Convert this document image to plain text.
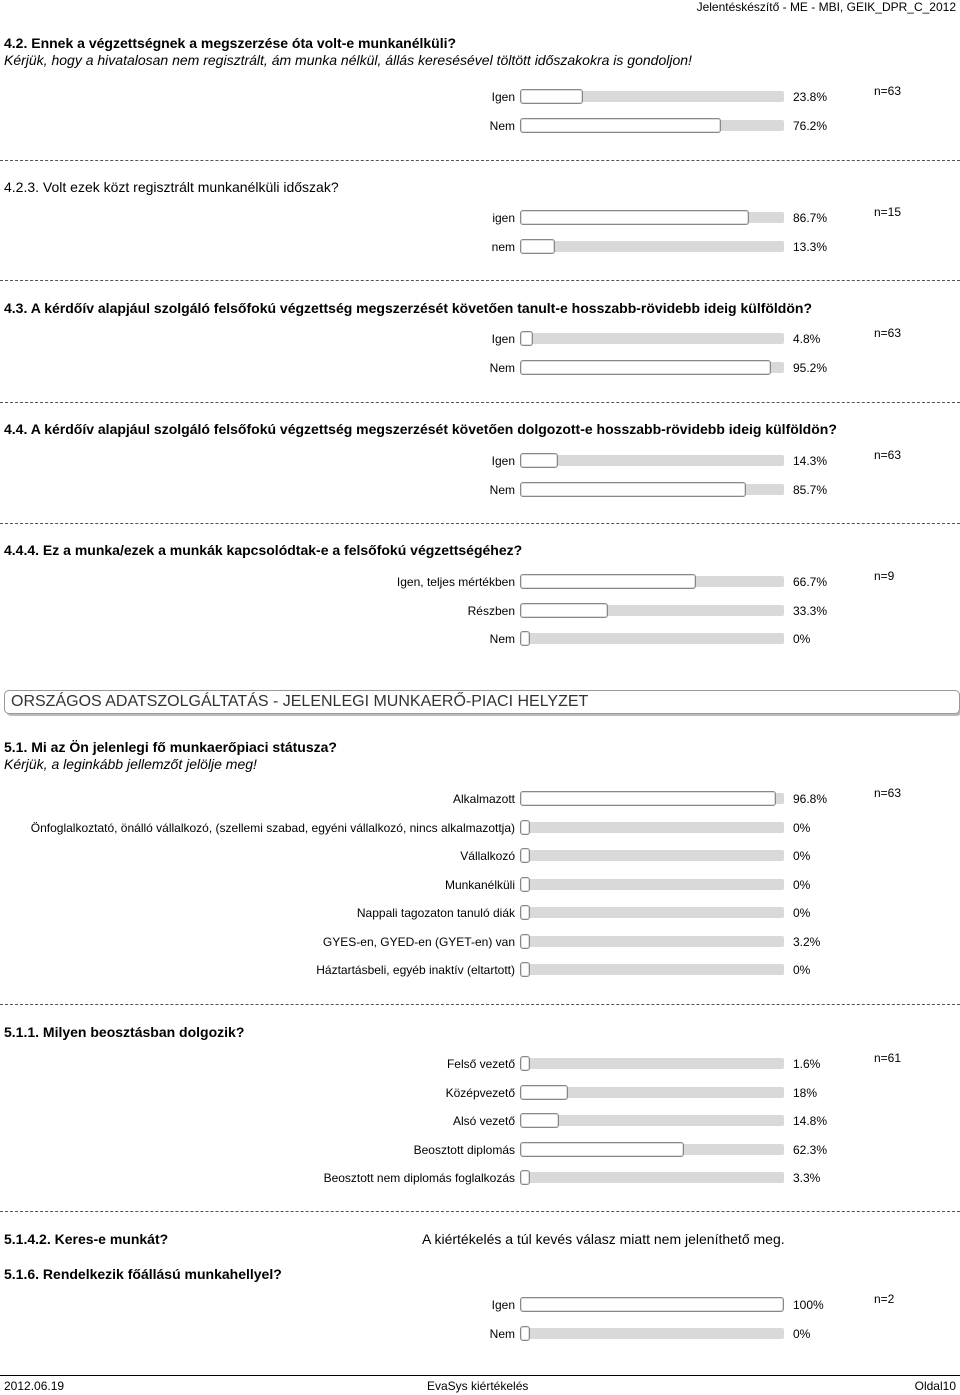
Jelentéskészítő - ME - MBI, GEIK_DPR_C_2012
4.2. Ennek a végzettségnek a megszerzése óta volt-e munkanélküli?
Kérjük, hogy a hivatalosan nem regisztrált, ám munka nélkül, állás keresésével töltött időszakokra is gondoljon!
Igen	23.8%
Nem	76.2%
n=63
4.2.3. Volt ezek közt regisztrált munkanélküli időszak?
igen	86.7%
nem	13.3%
n=15
4.3. A kérdőív alapjául szolgáló felsőfokú végzettség megszerzését követően tanult-e hosszabb-rövidebb ideig külföldön?
Igen	4.8%
Nem	95.2%
n=63
4.4. A kérdőív alapjául szolgáló felsőfokú végzettség megszerzését követően dolgozott-e hosszabb-rövidebb ideig külföldön?
Igen	14.3%
Nem	85.7%
n=63
4.4.4. Ez a munka/ezek a munkák kapcsolódtak-e a felsőfokú végzettségéhez?
Igen, teljes mértékben	66.7%
Részben	33.3%
Nem	0%
n=9
ORSZÁGOS ADATSZOLGÁLTATÁS - JELENLEGI MUNKAERŐ-PIACI HELYZET
5.1. Mi az Ön jelenlegi fő munkaerőpiaci státusza?
Kérjük, a leginkább jellemzőt jelölje meg!
Alkalmazott	96.8%
Önfoglalkoztató, önálló vállalkozó, (szellemi szabad, egyéni vállalkozó, nincs alkalmazottja)	0%
Vállalkozó	0%
Munkanélküli	0%
Nappali tagozaton tanuló diák	0%
GYES-en, GYED-en (GYET-en) van	3.2%
Háztartásbeli, egyéb inaktív (eltartott)	0%
n=63
5.1.1. Milyen beosztásban dolgozik?
Felső vezető	1.6%
Középvezető	18%
Alsó vezető	14.8%
Beosztott diplomás	62.3%
Beosztott nem diplomás foglalkozás	3.3%
n=61
5.1.4.2. Keres-e munkát?	A kiértékelés a túl kevés válasz miatt nem jeleníthető meg.
5.1.6. Rendelkezik főállású munkahellyel?
Igen	100%
Nem	0%
n=2
2012.06.19	EvaSys kiértékelés	Oldal10
